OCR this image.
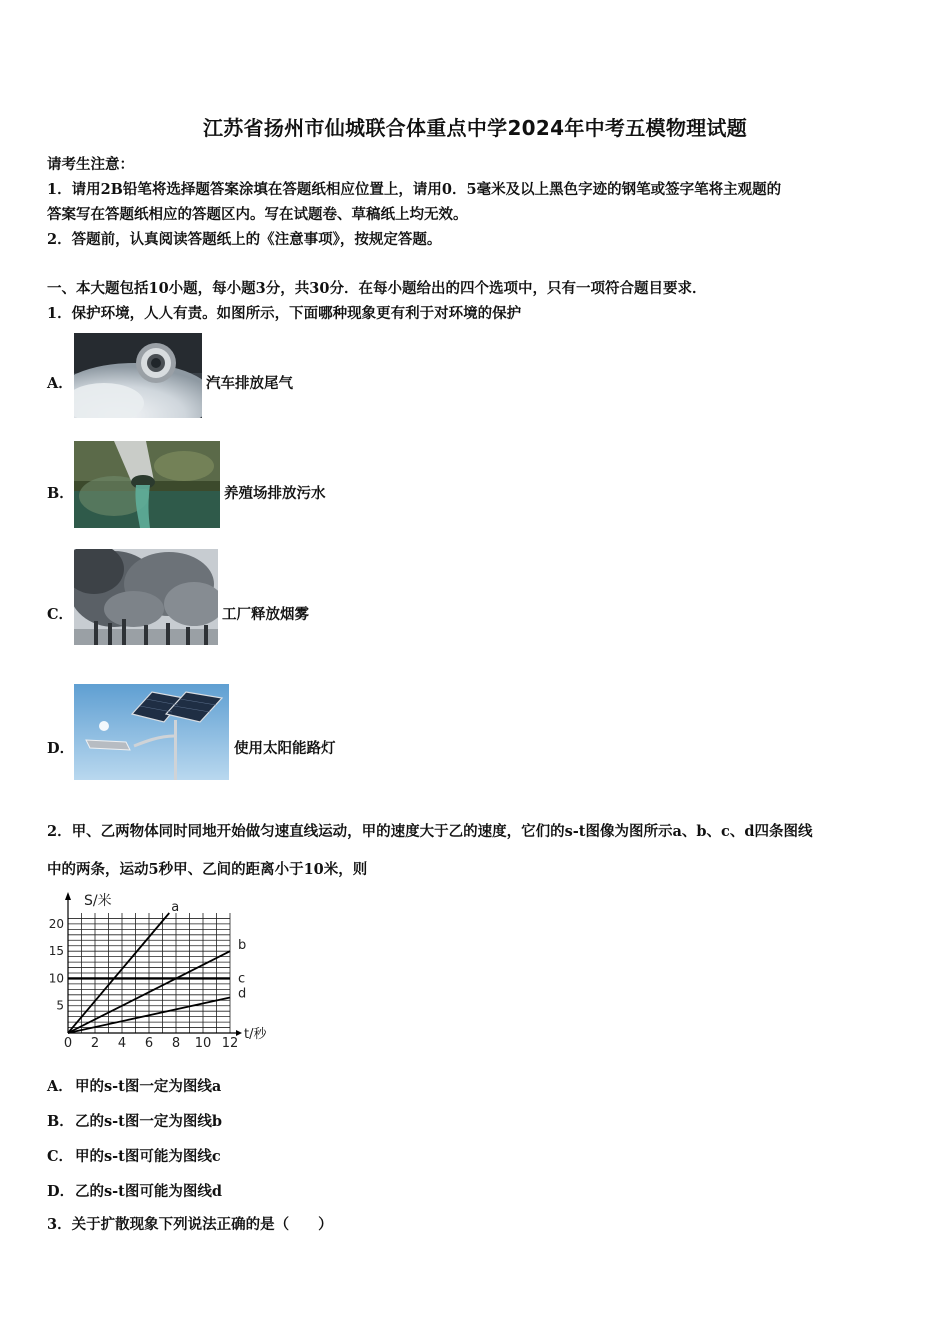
江苏省扬州市仙城联合体重点中学2024年中考五模物理试题
请考生注意：
1．请用2B铅笔将选择题答案涂填在答题纸相应位置上，请用0．5毫米及以上黑色字迹的钢笔或签字笔将主观题的
答案写在答题纸相应的答题区内。写在试题卷、草稿纸上均无效。
2．答题前，认真阅读答题纸上的《注意事项》，按规定答题。
一、本大题包括10小题，每小题3分，共30分．在每小题给出的四个选项中，只有一项符合题目要求．
1．保护环境，人人有责。如图所示，下面哪种现象更有利于对环境的保护
A．	汽车排放尾气
B．	养殖场排放污水
C．	工厂释放烟雾
D．	使用太阳能路灯
2．甲、乙两物体同时同地开始做匀速直线运动，甲的速度大于乙的速度，它们的s-t图像为图所示a、b、c、d四条图线
中的两条，运动5秒甲、乙间的距离小于10米，则
0 2 4 6 8 10 12
5
10
15
20
S/米
t/秒
a
b
c
d
A． 甲的s-t图一定为图线a
B． 乙的s-t图一定为图线b
C． 甲的s-t图可能为图线c
D． 乙的s-t图可能为图线d
3．关于扩散现象下列说法正确的是（　　）
